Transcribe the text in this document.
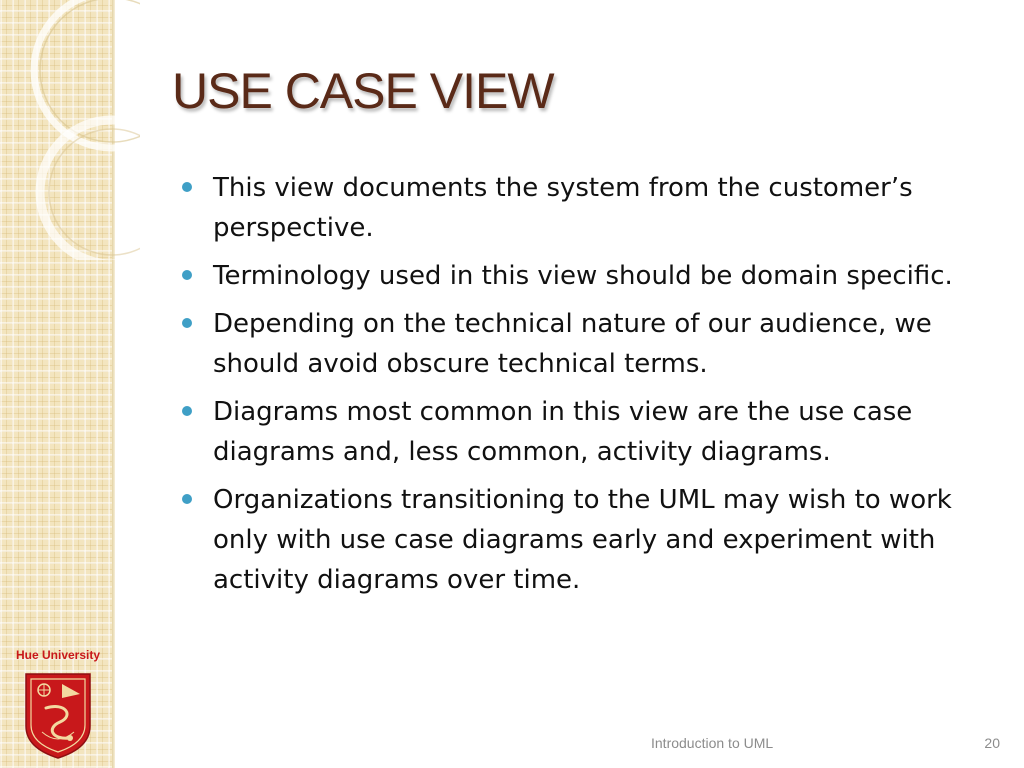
USE CASE VIEW
This view documents the system from the customer’s perspective.
Terminology used in this view should be domain specific.
Depending on the technical nature of our audience, we should avoid obscure technical terms.
Diagrams most common in this view are the use case diagrams and, less common, activity diagrams.
Organizations transitioning to the UML may wish to work only with use case diagrams early and experiment with activity diagrams over time.
Hue University
Introduction to UML	20
